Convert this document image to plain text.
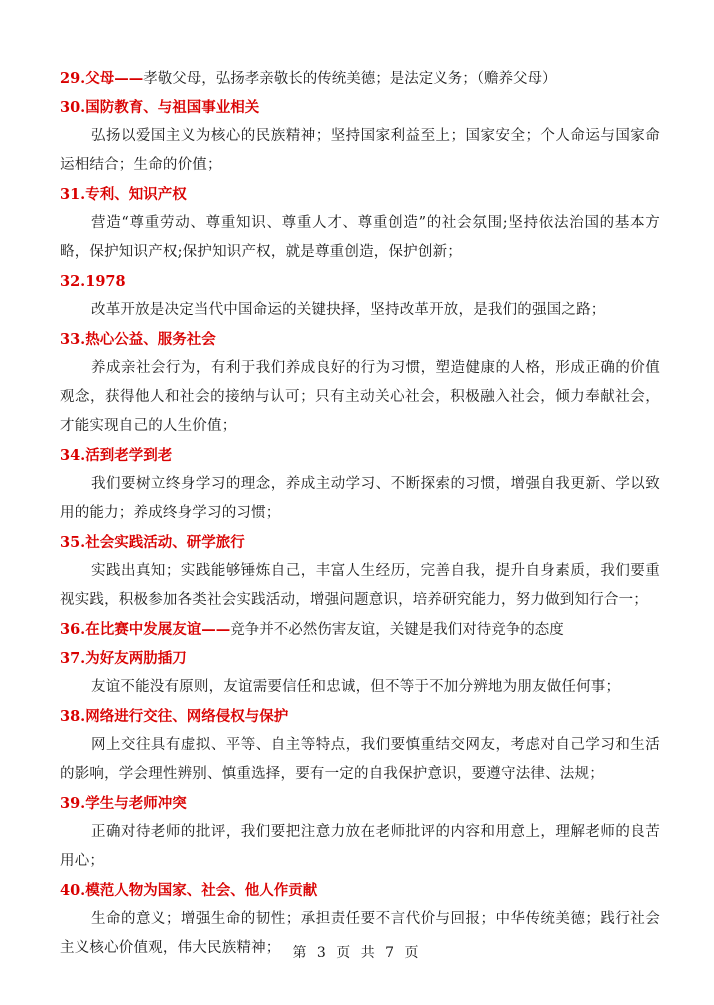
29.父母——孝敬父母，弘扬孝亲敬长的传统美德；是法定义务；（赡养父母）
30.国防教育、与祖国事业相关

弘扬以爱国主义为核心的民族精神；坚持国家利益至上；国家安全；个人命运与国家命运相结合；生命的价值；

31.专利、知识产权

营造“尊重劳动、尊重知识、尊重人才、尊重创造”的社会氛围;坚持依法治国的基本方略，保护知识产权;保护知识产权，就是尊重创造，保护创新；

32.1978

改革开放是决定当代中国命运的关键抉择，坚持改革开放，是我们的强国之路；

33.热心公益、服务社会

养成亲社会行为，有利于我们养成良好的行为习惯，塑造健康的人格，形成正确的价值观念，获得他人和社会的接纳与认可；只有主动关心社会，积极融入社会，倾力奉献社会，才能实现自己的人生价值；

34.活到老学到老

我们要树立终身学习的理念，养成主动学习、不断探索的习惯，增强自我更新、学以致用的能力；养成终身学习的习惯；

35.社会实践活动、研学旅行

实践出真知；实践能够锤炼自己，丰富人生经历，完善自我，提升自身素质，我们要重视实践，积极参加各类社会实践活动，增强问题意识，培养研究能力，努力做到知行合一；

36.在比赛中发展友谊——竞争并不必然伤害友谊，关键是我们对待竞争的态度
37.为好友两肋插刀

友谊不能没有原则，友谊需要信任和忠诚，但不等于不加分辨地为朋友做任何事；

38.网络进行交往、网络侵权与保护

网上交往具有虚拟、平等、自主等特点，我们要慎重结交网友，考虑对自己学习和生活的影响，学会理性辨别、慎重选择，要有一定的自我保护意识，要遵守法律、法规；

39.学生与老师冲突

正确对待老师的批评，我们要把注意力放在老师批评的内容和用意上，理解老师的良苦用心；

40.模范人物为国家、社会、他人作贡献

生命的意义；增强生命的韧性；承担责任要不言代价与回报；中华传统美德；践行社会主义核心价值观，伟大民族精神； 第 3 页 共 7 页
